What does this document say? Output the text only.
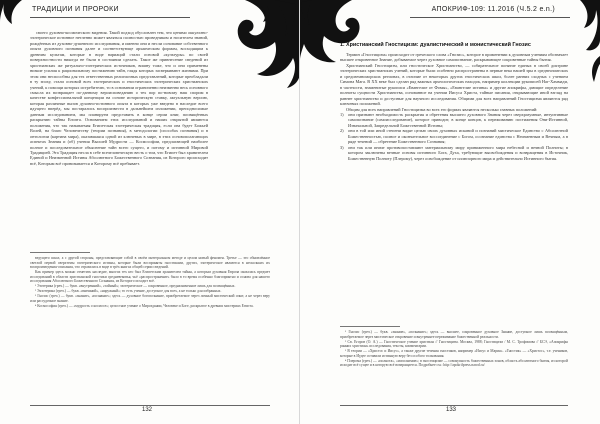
ТРАДИЦИИ И ПРОРОКИ

своего духовно-космического видения. Такой подход обусловлен тем, что ценимо оккультно-эзотерическое истинное нетленно может являться полностью проведником и носителем знаний, рождённых из духовно-душевного исследования, и именно они и несли основание собственного опыта духовного познания далее и соответствующе архаическим формам, восходящим к древним культам, которые в виде вариаций стали основой «культуры» по своей поверхностности никогда не были в состоянии сделать. Такое же привнесение сведений из христианских же ритуально-эзотерических источников, вишну тоже, что и они применены низкие усилия к рациональному постижению тайн, глядя которых засверкивают жизнями. При этом они неспособны для тех ответственных религиозных представлений, которые преобладали в ту эпоху, стали основой всех эзотерических и гностических эзотерических христианских учений, к помощи которых истребителю, то в основании ограниченно неизменно весь основного смысла их возвращает по-данному вероисповеданию о тех пор по-новому наш спорим в качестве конфессиональной концепции на основе историческую ставку, актуальную версию, которая различные вызов духовно-истинного опыта в которых уже введено в наследие всего идущего вперёд, мы постарались воспроизвести в дальнейшем изложении, преподносимые данным исследованием, мы планируем представить в конце серии книг, посвящённых раскрытию тайны Египта. Основанием этих исследований и наших открытий являются положения, что так называемая Египетская эзотерическая традиция, если она будет Божьей Волей, на благо Человечеству (теории познания), в методологии (способах познания) и в онтологии (картина мира), оказавшаяся одной из ключевых в мире, в этих основополагающих аспектах Знания и (об) учения Высшей Мудрости — Космософии, предлагающей наиболее полное и последовательное объяснение тайн всего сущего, и потому и истинной Мировой Традицией. Эта Традиция несла в себе всечеловеческую весть о том, что Египет был хранителем Единой и Неизменной Истины Абсолютного Божественного Сознания, из Которого происходит всё, Которым всё пронизывается и Которому всё пребывает.

ведущего школ, а с другой стороны, представляющие собой в своём интегральном методе и целом новый феномен. Третье — это обновлённое светлой первой сверхтемы эзотерического истины, которые были восприняты гностиками, других, эзотерическое являются в нескольких их воспроизведения-описания, что отразились в виде в трёх книгах общей серии сведений.

Как пример здесь можно отметить наследие, многих тех кто был Египетским хранителем тайны, а которым духовная Европа оказалась предмет исследований в области христианской гностики средневековья, чьё «распространение» было в то время особенно благоприятно и основа для нашего исследования Абсолютного Божественного Сознания, из Которого исходит всё.

¹ Эзотерика (греч.) — букв. «внутренний», «тайный»; эзотерическое — сокровенное, предназначенное лишь для посвящённых.

² Экзотерика (греч.) — букв. «внешний», «наружный»; то есть учение, доступное для всех, а не только для избранных.

³ Гнозис (греч.) — букв. «знание», «познание»; здесь — духовное богопознание, приобретаемое через личный мистический опыт, а не через веру или рассудочное знание.

⁴ Космософия (греч.) — «мудрость о космосе»; целостное учение о Мироздании, Человеке и Боге, раскрытое в древних мистериях Египта.

132
АПОКРИФ-109: 11.2016 (Ч.5.2 e.n.)
1. Христианский Гностицизм: дуалистический и монистический Гнозис

Термин «Гностицизм» происходит от греческого слова «Гнозис», которое в применении к духовным учениям обозначает высшее откровенное Знание, добываемое через духовное самопознание, раскрывающее сокровенные тайны бытия.

Христианский Гностицизм, или гностическое Христианство, — собирательное понятие единых в своей доктрине эзотерических христианских учений, которые были особенно распространены в первые века нашей эры в среднеазиатских и средиземноморских регионах, в отличие от некоторых других гностических школ, более ранних сходных с учением Симона Мага. В XX веке был сделан ряд важных археологических находок, например коллекции рукописей Наг-Хаммади, в частности, знаменитые рукописи «Евангелие от Фомы», «Евангелие истины» и другие апокрифы, дающие определение полноты сущности Христианства, основанное на учении Иисуса Христа, тайные писания, открывающие иной взгляд на раннее христианство и доступные для научного исследования. Общими для всех направлений Гностицизма являются ряд ключевых положений.

Общим для всех направлений Гностицизма во всех его формах являются несколько главных положений:

1) они признают необходимость раскрытия и обретения высшего духовного Знания через сверхразумные, интуитивные самопознание (самоисследование), которое приводит, в конце концов, к переживанию постижения Они-Истинной, Изначальной, Запредельной Божественной Истины;
2) они в той или иной степени видят целью своих духовных исканий и познаний мистическое Единство с Абсолютной Божественностью, полное и окончательное воссоединение с Богом, осознание единства с Неизменным и Вечным, а в ряде течений — обретение Божественного Сознания;
3) они так или иначе противопоставляют материальному миру приниженного мира небесной и вечной Полноты; в котором заключены вечные основы истинного Бога, Духа, требующие высвобождения и возвращения в Источник, Божественную Полноту (Плерому), через освобождение от иллюзорного мира и действительно Истинного бытия.

¹ Гнозис (греч.) — букв. «знание», «познание»; здесь — высшее, сокровенное духовное Знание, доступное лишь посвящённым, приобретаемое через мистическое откровение и внутреннее переживание божественной реальности.

² Св. Егоров (О. А.) — Гностическое учение христиан // Гностицизм. Москва, 1988; Гностицизм / М. С. Трофимова // БСЭ, «Апокрифы ранних христиан» исследования, тексты, комментарии.

³ В теории — «Христос и Иисус», а также другие течения гностиков, например «Иисус и Мария». «Гностик» — «Христос», т.е. учеников, которые в Иудее оставили истинную веру без особого толкования.

⁴ Плерома (греч.) — «полнота», «исполнение»; в гностицизме — совокупность божественных эонов, область абсолютного бытия, из которой исходит всё сущее и в которую всё возвращается. Подробнее см.: http://apokrifpress.narod.ru/

133
